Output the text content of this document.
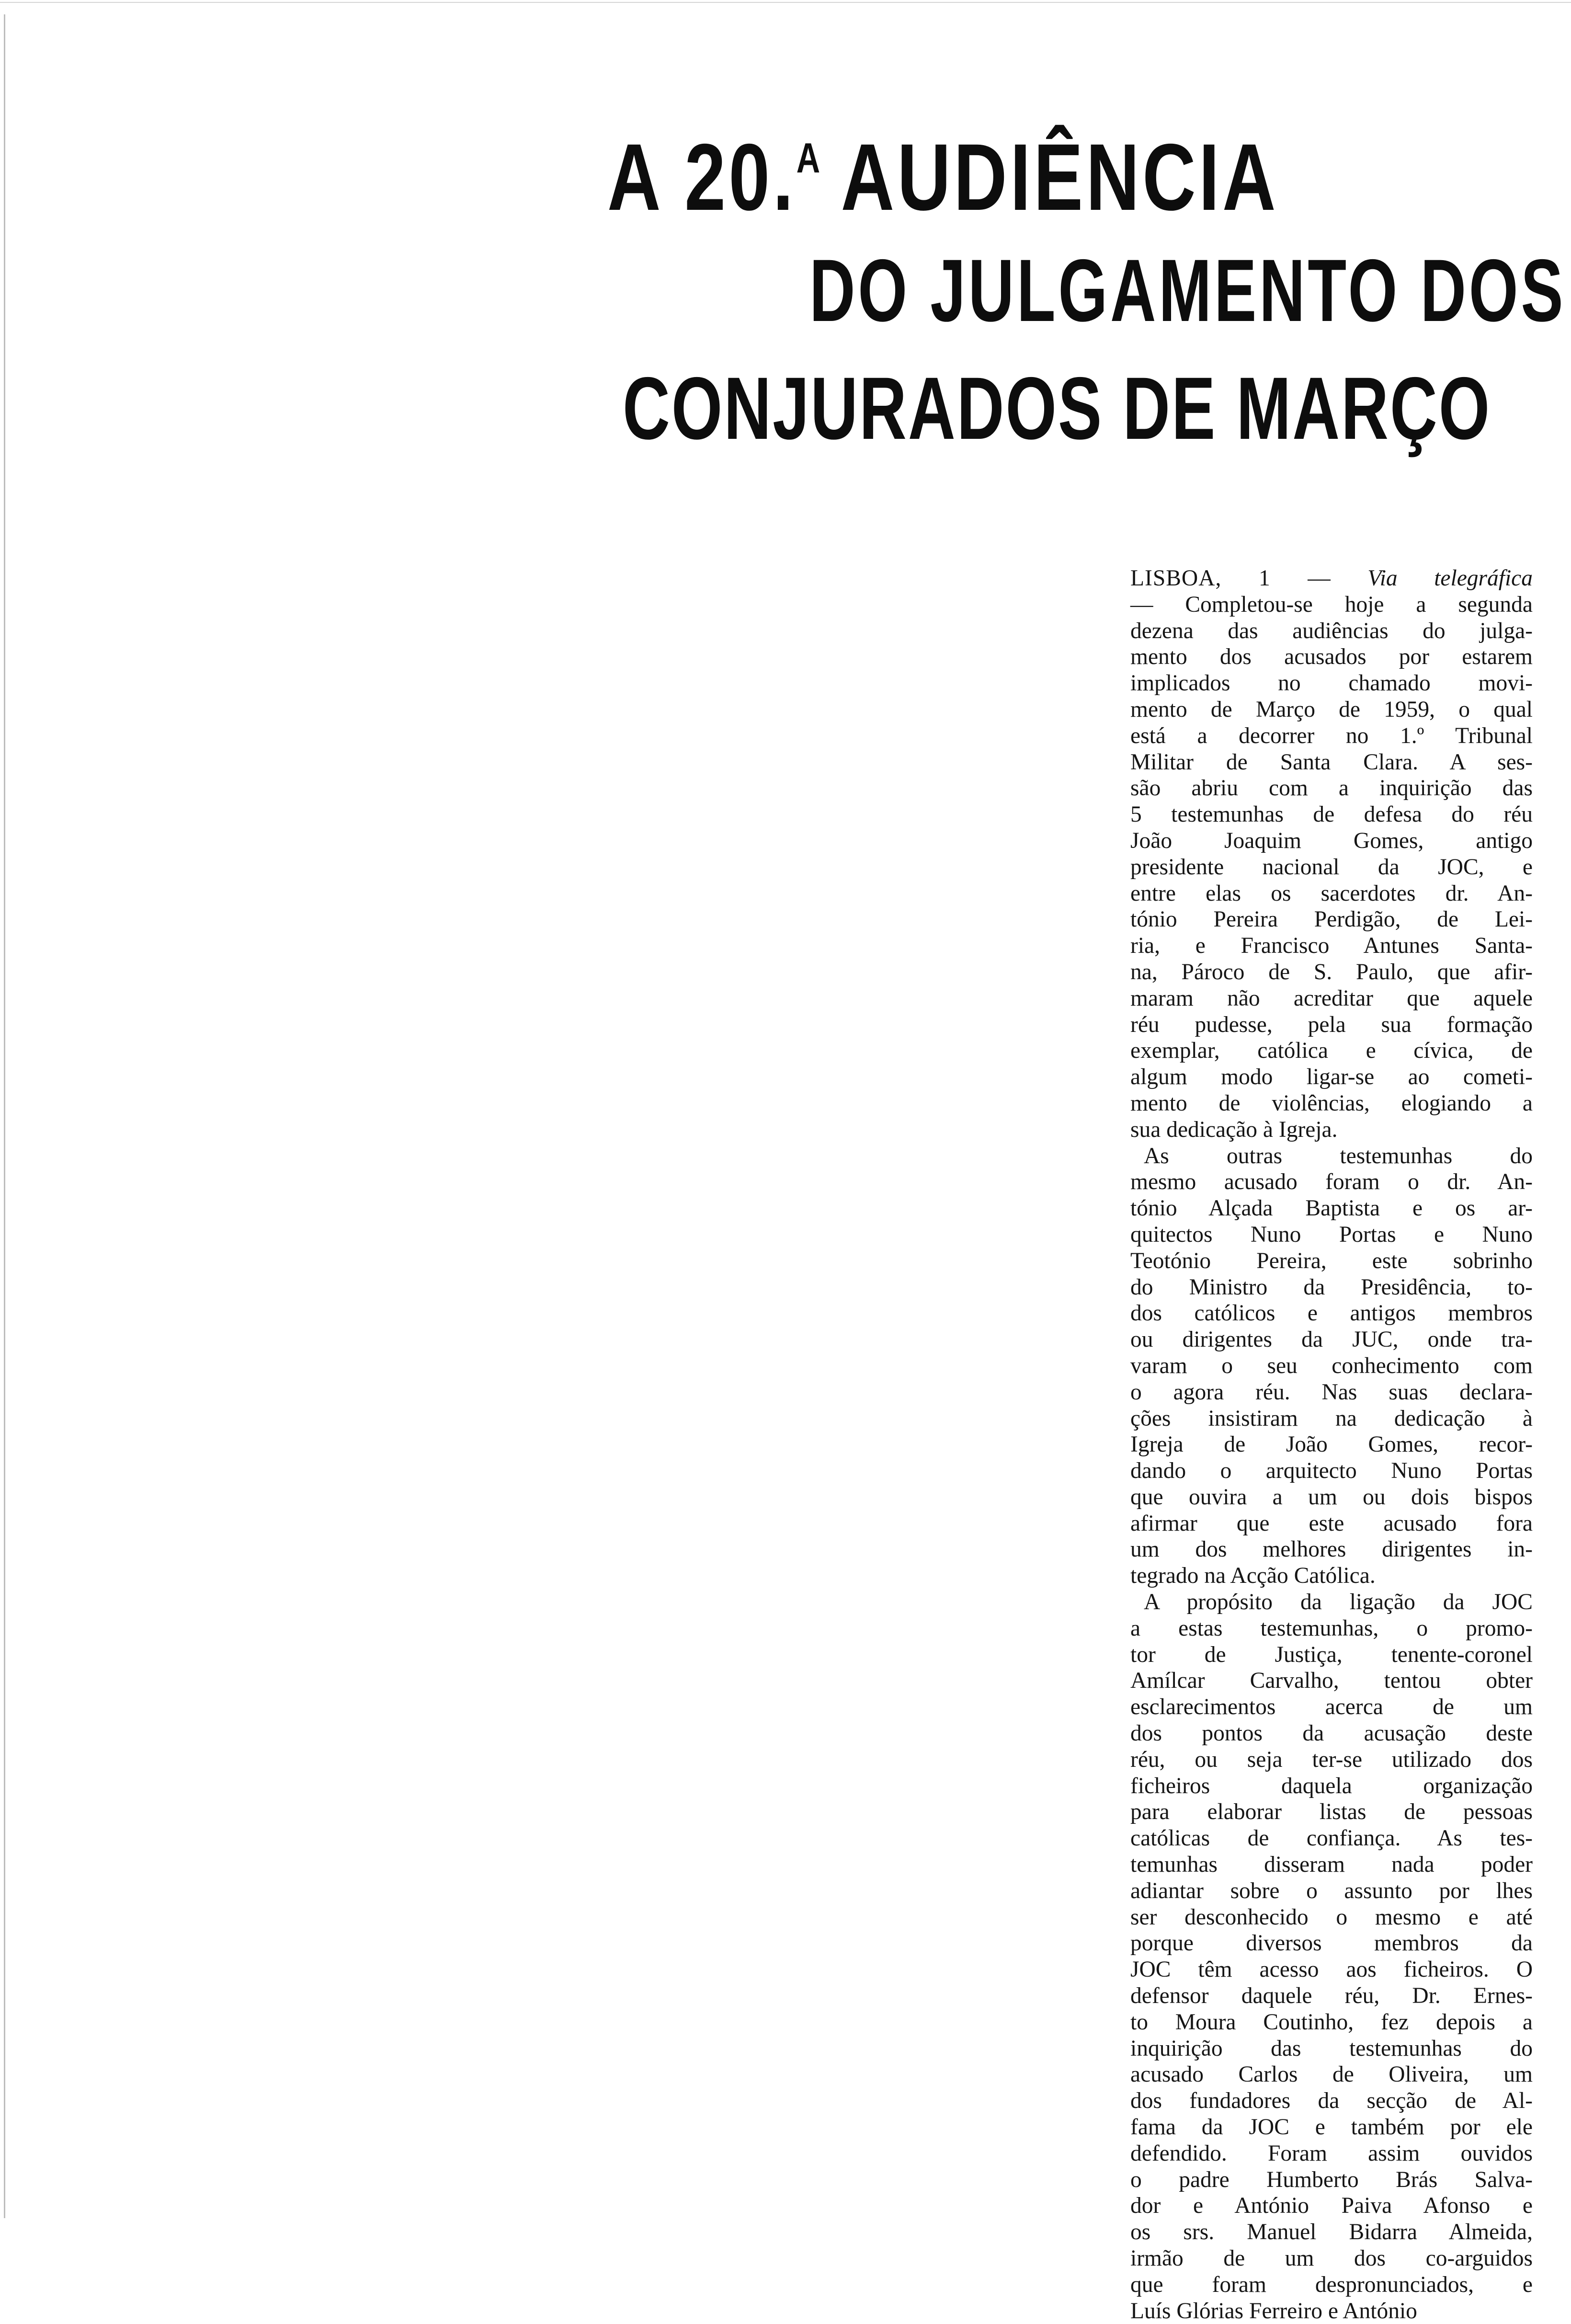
A 20.$^A$ AUDIÊNCIA
DO JULGAMENTO DOS
CONJURADOS DE MARÇO
LISBOA, 1 — Via telegráfica
— Completou-se hoje a segunda
dezena das audiências do julga-
mento dos acusados por estarem
implicados no chamado movi-
mento de Março de 1959, o qual
está a decorrer no 1.º Tribunal
Militar de Santa Clara. A ses-
são abriu com a inquirição das
5 testemunhas de defesa do réu
João Joaquim Gomes, antigo
presidente nacional da JOC, e
entre elas os sacerdotes dr. An-
tónio Pereira Perdigão, de Lei-
ria, e Francisco Antunes Santa-
na, Pároco de S. Paulo, que afir-
maram não acreditar que aquele
réu pudesse, pela sua formação
exemplar, católica e cívica, de
algum modo ligar-se ao cometi-
mento de violências, elogiando a
sua dedicação à Igreja.
As outras testemunhas do
mesmo acusado foram o dr. An-
tónio Alçada Baptista e os ar-
quitectos Nuno Portas e Nuno
Teotónio Pereira, este sobrinho
do Ministro da Presidência, to-
dos católicos e antigos membros
ou dirigentes da JUC, onde tra-
varam o seu conhecimento com
o agora réu. Nas suas declara-
ções insistiram na dedicação à
Igreja de João Gomes, recor-
dando o arquitecto Nuno Portas
que ouvira a um ou dois bispos
afirmar que este acusado fora
um dos melhores dirigentes in-
tegrado na Acção Católica.
A propósito da ligação da JOC
a estas testemunhas, o promo-
tor de Justiça, tenente-coronel
Amílcar Carvalho, tentou obter
esclarecimentos acerca de um
dos pontos da acusação deste
réu, ou seja ter-se utilizado dos
ficheiros daquela organização
para elaborar listas de pessoas
católicas de confiança. As tes-
temunhas disseram nada poder
adiantar sobre o assunto por lhes
ser desconhecido o mesmo e até
porque diversos membros da
JOC têm acesso aos ficheiros. O
defensor daquele réu, Dr. Ernes-
to Moura Coutinho, fez depois a
inquirição das testemunhas do
acusado Carlos de Oliveira, um
dos fundadores da secção de Al-
fama da JOC e também por ele
defendido. Foram assim ouvidos
o padre Humberto Brás Salva-
dor e António Paiva Afonso e
os srs. Manuel Bidarra Almeida,
irmão de um dos co-arguidos
que foram despronunciados, e
Luís Glórias Ferreiro e António
